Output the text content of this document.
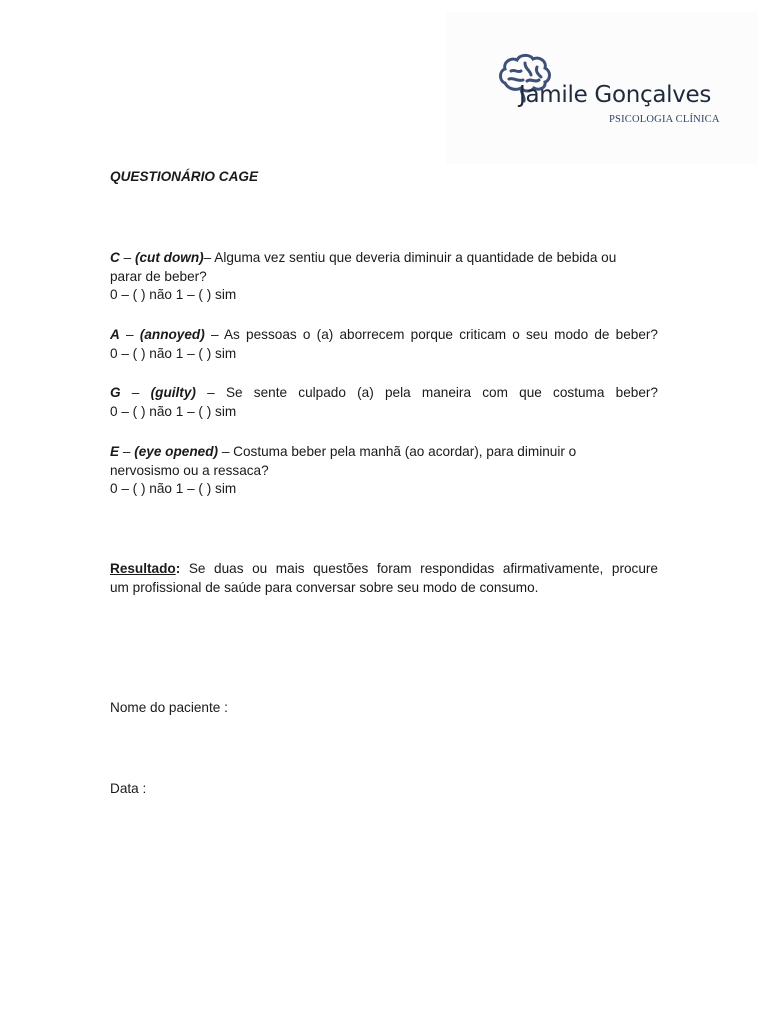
Jamile Gonçalves
PSICOLOGIA CLÍNICA
QUESTIONÁRIO CAGE
C – (cut down)– Alguma vez sentiu que deveria diminuir a quantidade de bebida ou
parar de beber?
0 – ( ) não 1 – ( ) sim
A – (annoyed) – As pessoas o (a) aborrecem porque criticam o seu modo de beber?
0 – ( ) não 1 – ( ) sim
G – (guilty) – Se sente culpado (a) pela maneira com que costuma beber?
0 – ( ) não 1 – ( ) sim
E – (eye opened) – Costuma beber pela manhã (ao acordar), para diminuir o
nervosismo ou a ressaca?
0 – ( ) não 1 – ( ) sim
Resultado: Se duas ou mais questões foram respondidas afirmativamente, procure
um profissional de saúde para conversar sobre seu modo de consumo.
Nome do paciente :
Data :
